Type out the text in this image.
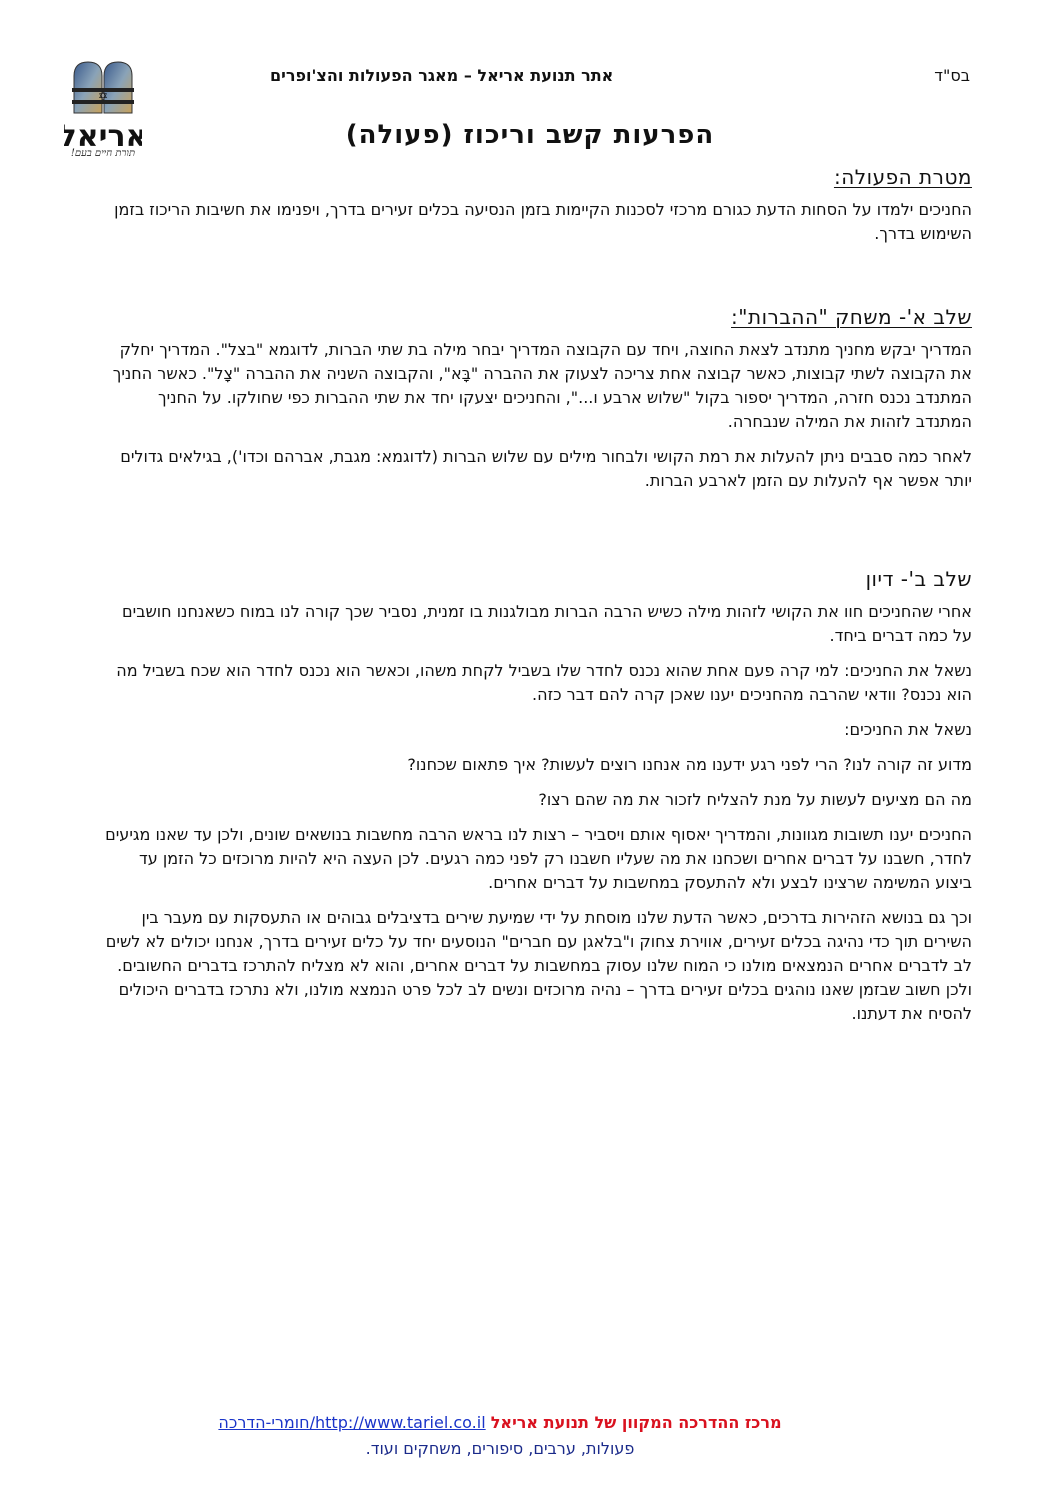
אתר תנועת אריאל – מאגר הפעולות והצ'ופרים	בס"ד
✡
אריאל
תורת חיים בעם!
הפרעות קשב וריכוז (פעולה)
מטרת הפעולה:

החניכים ילמדו על הסחות הדעת כגורם מרכזי לסכנות הקיימות בזמן הנסיעה בכלים זעירים בדרך, ויפנימו את חשיבות הריכוז בזמן השימוש בדרך.

שלב א'- משחק "ההברות":

המדריך יבקש מחניך מתנדב לצאת החוצה, ויחד עם הקבוצה המדריך יבחר מילה בת שתי הברות, לדוגמא "בצל". המדריך יחלק את הקבוצה לשתי קבוצות, כאשר קבוצה אחת צריכה לצעוק את ההברה "בָּא", והקבוצה השניה את ההברה "צָל". כאשר החניך המתנדב נכנס חזרה, המדריך יספור בקול "שלוש ארבע ו...", והחניכים יצעקו יחד את שתי ההברות כפי שחולקו. על החניך המתנדב לזהות את המילה שנבחרה.

לאחר כמה סבבים ניתן להעלות את רמת הקושי ולבחור מילים עם שלוש הברות (לדוגמא: מגבת, אברהם וכדו'), בגילאים גדולים יותר אפשר אף להעלות עם הזמן לארבע הברות.

שלב ב'- דיון

אחרי שהחניכים חוו את הקושי לזהות מילה כשיש הרבה הברות מבולגנות בו זמנית, נסביר שכך קורה לנו במוח כשאנחנו חושבים על כמה דברים ביחד.

נשאל את החניכים: למי קרה פעם אחת שהוא נכנס לחדר שלו בשביל לקחת משהו, וכאשר הוא נכנס לחדר הוא שכח בשביל מה הוא נכנס? וודאי שהרבה מהחניכים יענו שאכן קרה להם דבר כזה.

נשאל את החניכים:

מדוע זה קורה לנו? הרי לפני רגע ידענו מה אנחנו רוצים לעשות? איך פתאום שכחנו?

מה הם מציעים לעשות על מנת להצליח לזכור את מה שהם רצו?

החניכים יענו תשובות מגוונות, והמדריך יאסוף אותם ויסביר – רצות לנו בראש הרבה מחשבות בנושאים שונים, ולכן עד שאנו מגיעים לחדר, חשבנו על דברים אחרים ושכחנו את מה שעליו חשבנו רק לפני כמה רגעים. לכן העצה היא להיות מרוכזים כל הזמן עד ביצוע המשימה שרצינו לבצע ולא להתעסק במחשבות על דברים אחרים.

וכך גם בנושא הזהירות בדרכים, כאשר הדעת שלנו מוסחת על ידי שמיעת שירים בדציבלים גבוהים או התעסקות עם מעבר בין השירים תוך כדי נהיגה בכלים זעירים, אווירת צחוק ו"בלאגן עם חברים" הנוסעים יחד על כלים זעירים בדרך, אנחנו יכולים לא לשים לב לדברים אחרים הנמצאים מולנו כי המוח שלנו עסוק במחשבות על דברים אחרים, והוא לא מצליח להתרכז בדברים החשובים. ולכן חשוב שבזמן שאנו נוהגים בכלים זעירים בדרך – נהיה מרוכזים ונשים לב לכל פרט הנמצא מולנו, ולא נתרכז בדברים היכולים להסיח את דעתנו.

מרכז ההדרכה המקוון של תנועת אריאל http://www.tariel.co.il/חומרי-הדרכה
פעולות, ערבים, סיפורים, משחקים ועוד.
